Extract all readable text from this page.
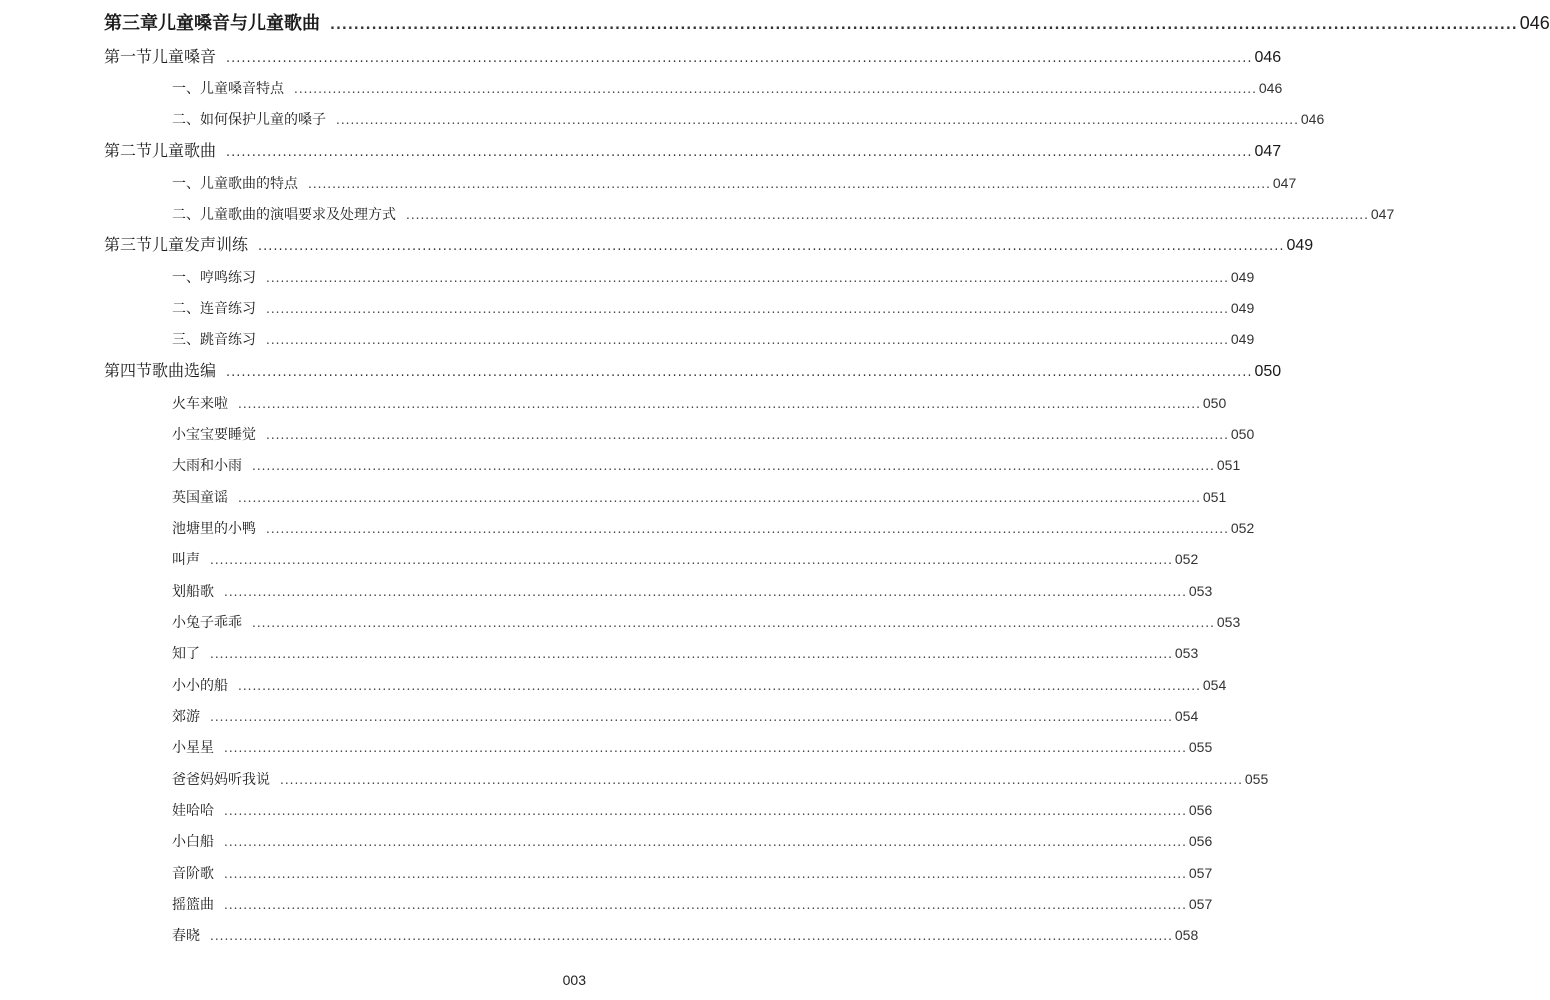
第三章 儿童嗓音与儿童歌曲 ........................................................................................................................................................................................................ 046
第一节 儿童嗓音 ........................................................................................................................................................................................................ 046
一、儿童嗓音特点 ........................................................................................................................................................................................................ 046
二、如何保护儿童的嗓子 ........................................................................................................................................................................................................ 046
第二节 儿童歌曲 ........................................................................................................................................................................................................ 047
一、儿童歌曲的特点 ........................................................................................................................................................................................................ 047
二、儿童歌曲的演唱要求及处理方式 ........................................................................................................................................................................................................ 047
第三节 儿童发声训练 ........................................................................................................................................................................................................ 049
一、哼鸣练习 ........................................................................................................................................................................................................ 049
二、连音练习 ........................................................................................................................................................................................................ 049
三、跳音练习 ........................................................................................................................................................................................................ 049
第四节 歌曲选编 ........................................................................................................................................................................................................ 050
火车来啦 ........................................................................................................................................................................................................ 050
小宝宝要睡觉 ........................................................................................................................................................................................................ 050
大雨和小雨 ........................................................................................................................................................................................................ 051
英国童谣 ........................................................................................................................................................................................................ 051
池塘里的小鸭 ........................................................................................................................................................................................................ 052
叫声 ........................................................................................................................................................................................................ 052
划船歌 ........................................................................................................................................................................................................ 053
小兔子乖乖 ........................................................................................................................................................................................................ 053
知了 ........................................................................................................................................................................................................ 053
小小的船 ........................................................................................................................................................................................................ 054
郊游 ........................................................................................................................................................................................................ 054
小星星 ........................................................................................................................................................................................................ 055
爸爸妈妈听我说 ........................................................................................................................................................................................................ 055
娃哈哈 ........................................................................................................................................................................................................ 056
小白船 ........................................................................................................................................................................................................ 056
音阶歌 ........................................................................................................................................................................................................ 057
摇篮曲 ........................................................................................................................................................................................................ 057
春晓 ........................................................................................................................................................................................................ 058
003
